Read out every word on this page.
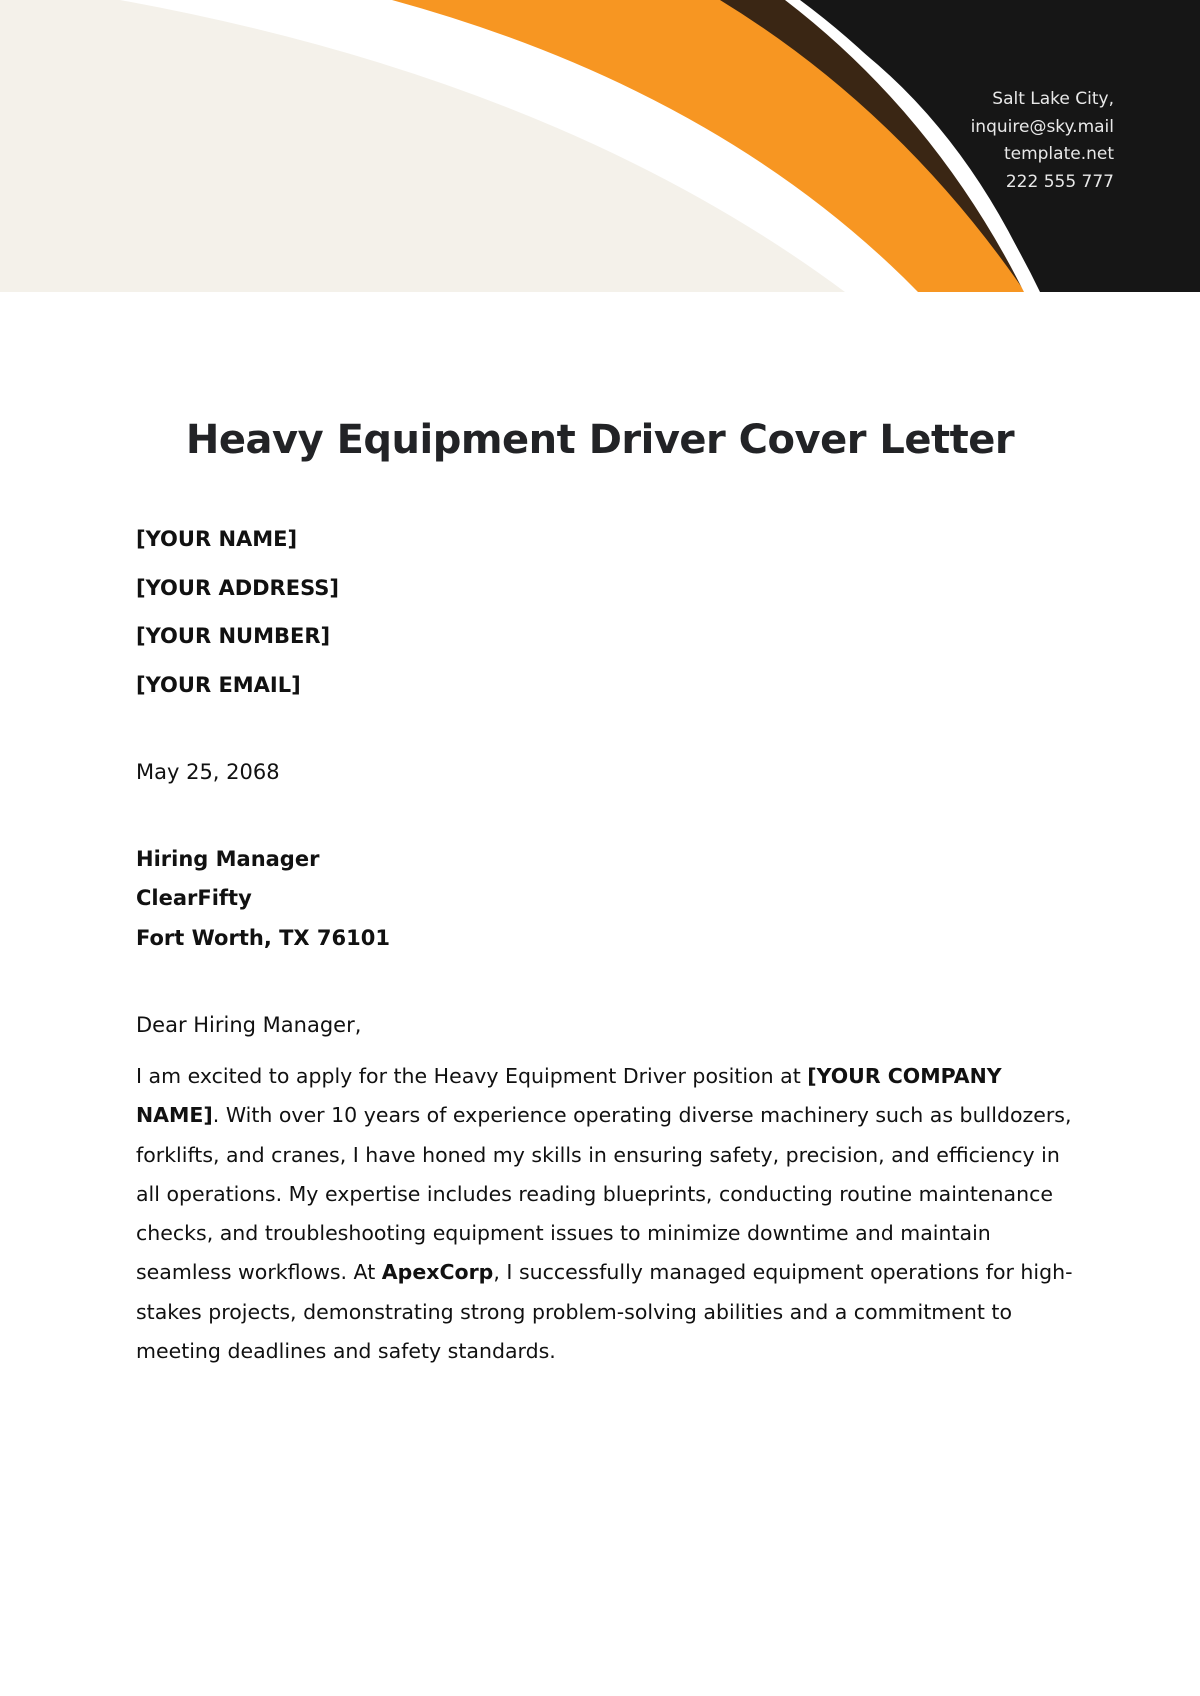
Salt Lake City,
inquire@sky.mail
template.net
222 555 777
Heavy Equipment Driver Cover Letter
[YOUR NAME]
[YOUR ADDRESS]
[YOUR NUMBER]
[YOUR EMAIL]
May 25, 2068
Hiring Manager
ClearFifty
Fort Worth, TX 76101
Dear Hiring Manager,

I am excited to apply for the Heavy Equipment Driver position at [YOUR COMPANY NAME]. With over 10 years of experience operating diverse machinery such as bulldozers, forklifts, and cranes, I have honed my skills in ensuring safety, precision, and efficiency in all operations. My expertise includes reading blueprints, conducting routine maintenance checks, and troubleshooting equipment issues to minimize downtime and maintain seamless workflows. At ApexCorp, I successfully managed equipment operations for high-stakes projects, demonstrating strong problem-solving abilities and a commitment to meeting deadlines and safety standards.
